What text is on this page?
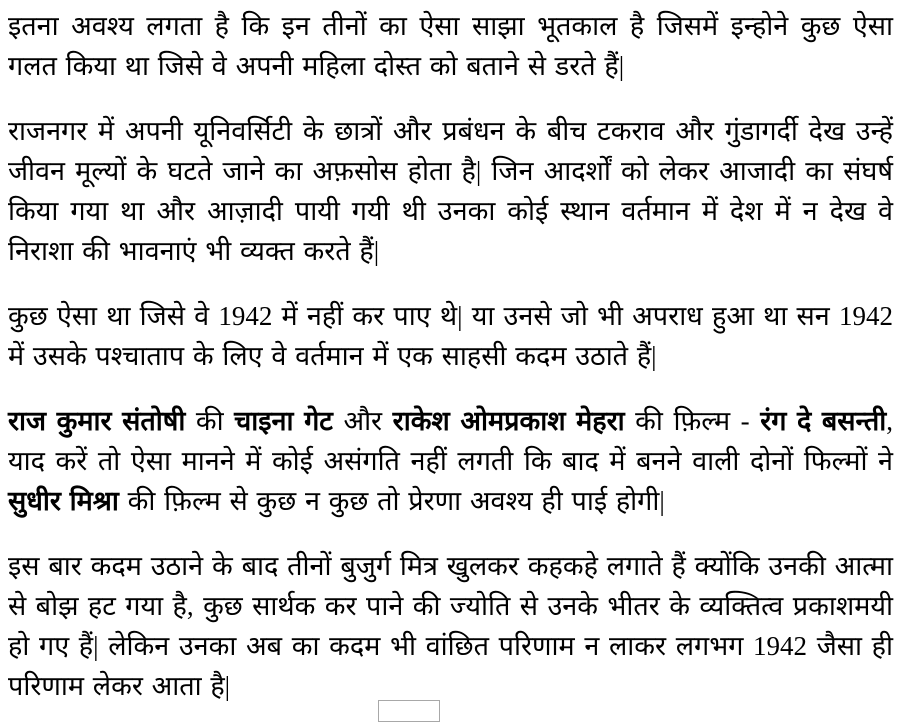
इतना अवश्य लगता है कि इन तीनों का ऐसा साझा भूतकाल है जिसमें इन्होने कुछ ऐसा गलत किया था जिसे वे अपनी महिला दोस्त को बताने से डरते हैं|

राजनगर में अपनी यूनिवर्सिटी के छात्रों और प्रबंधन के बीच टकराव और गुंडागर्दी देख उन्हें जीवन मूल्यों के घटते जाने का अफ़सोस होता है| जिन आदर्शों को लेकर आजादी का संघर्ष किया गया था और आज़ादी पायी गयी थी उनका कोई स्थान वर्तमान में देश में न देख वे निराशा की भावनाएं भी व्यक्त करते हैं|

कुछ ऐसा था जिसे वे 1942 में नहीं कर पाए थे| या उनसे जो भी अपराध हुआ था सन 1942 में उसके पश्चाताप के लिए वे वर्तमान में एक साहसी कदम उठाते हैं|

राज कुमार संतोषी की चाइना गेट और राकेश ओमप्रकाश मेहरा की फ़िल्म - रंग दे बसन्ती, याद करें तो ऐसा मानने में कोई असंगति नहीं लगती कि बाद में बनने वाली दोनों फिल्मों ने सुधीर मिश्रा की फ़िल्म से कुछ न कुछ तो प्रेरणा अवश्य ही पाई होगी|

इस बार कदम उठाने के बाद तीनों बुजुर्ग मित्र खुलकर कहकहे लगाते हैं क्योंकि उनकी आत्मा से बोझ हट गया है, कुछ सार्थक कर पाने की ज्योति से उनके भीतर के व्यक्तित्व प्रकाशमयी हो गए हैं| लेकिन उनका अब का कदम भी वांछित परिणाम न लाकर लगभग 1942 जैसा ही परिणाम लेकर आता है|
